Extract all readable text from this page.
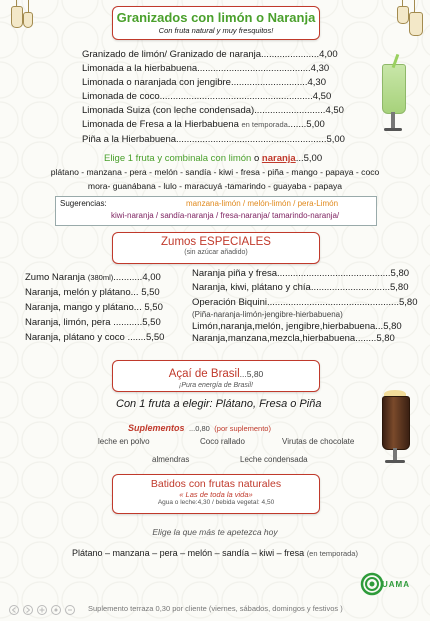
Granizados con limón o Naranja
Con fruta natural y muy fresquitos!
Granizado de limón/ Granizado de naranja......................4,00
Limonada a la hierbabuena...........................................4,30
Limonada o naranjada con jengibre.............................4,30
Limonada de coco..........................................................4,50
Limonada Suiza (con leche condensada)...........................4,50
Limonada de Fresa a la Hierbabuena en temporada.......5,00
Piña a la Hierbabuena.........................................................5,00
Elige 1 fruta y combinala con limón o naranja...5,00
plátano - manzana - pera - melón - sandía - kiwi - fresa - piña - mango - papaya - coco
mora- guanábana - lulo - maracuyá -tamarindo - guayaba - papaya
Sugerencias:	manzana-limón / melón-limón / pera-Limón
kiwi-naranja / sandía-naranja / fresa-naranja/ tamarindo-naranja/
Zumos ESPECIALES
(sin azúcar añadido)
Zumo Naranja (380ml)...........4,00
Naranja, melón y plátano... 5,50
Naranja, mango y plátano... 5,50
Naranja, limón, pera ...........5,50
Naranja, plátano y coco .......5,50
Naranja piña y fresa...........................................5,80
Naranja, kiwi, plátano y chía..............................5,80
Operación Biquini..................................................5,80
(Piña-naranja-limón-jengibre-hierbabuena)
Limón,naranja,melón, jengibre,hierbabuena...5,80
Naranja,manzana,mezcla,hierbabuena........5,80
Açaí de Brasil...5,80
¡Pura energía de Brasil!
Con 1 fruta a elegir: Plátano, Fresa o Piña
Suplementos ...0,80 (por suplemento)
leche en polvo	Coco rallado	Virutas de chocolate
almendras	Leche condensada
Batidos con frutas naturales
« Las de toda la vida»
Agua o leche:4,30 / bebida vegetal: 4,50
Elige la que más te apetezca hoy
Plátano – manzana – pera – melón – sandía – kiwi – fresa (en temporada)
UAMA
Suplemento terraza 0,30 por cliente (viernes, sábados, domingos y festivos )
